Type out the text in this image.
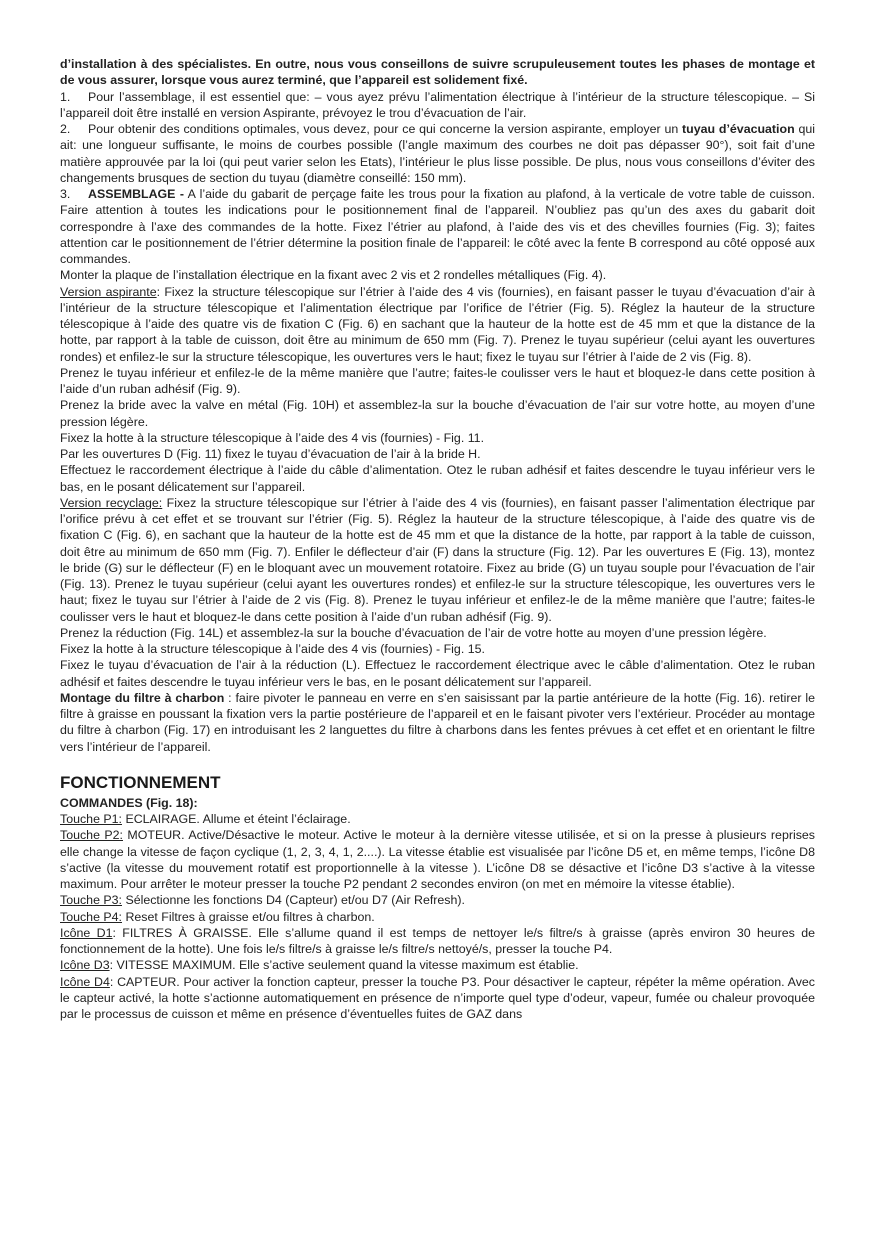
d’installation à des spécialistes. En outre, nous vous conseillons de suivre scrupuleusement toutes les phases de montage et de vous assurer, lorsque vous aurez terminé, que l’appareil est solidement fixé.

1. Pour l’assemblage, il est essentiel que: – vous ayez prévu l’alimentation électrique à l’intérieur de la structure télescopique. – Si l’appareil doit être installé en version Aspirante, prévoyez le trou d’évacuation de l’air.

2. Pour obtenir des conditions optimales, vous devez, pour ce qui concerne la version aspirante, employer un tuyau d’évacuation qui ait: une longueur suffisante, le moins de courbes possible (l’angle maximum des courbes ne doit pas dépasser 90°), soit fait d’une matière approuvée par la loi (qui peut varier selon les Etats), l’intérieur le plus lisse possible. De plus, nous vous conseillons d’éviter des changements brusques de section du tuyau (diamètre conseillé: 150 mm).

3. ASSEMBLAGE - A l’aide du gabarit de perçage faite les trous pour la fixation au plafond, à la verticale de votre table de cuisson. Faire attention à toutes les indications pour le positionnement final de l’appareil. N’oubliez pas qu’un des axes du gabarit doit correspondre à l’axe des commandes de la hotte. Fixez l’étrier au plafond, à l’aide des vis et des chevilles fournies (Fig. 3); faites attention car le positionnement de l’étrier détermine la position finale de l’appareil: le côté avec la fente B correspond au côté opposé aux commandes.

Monter la plaque de l’installation électrique en la fixant avec 2 vis et 2 rondelles métalliques (Fig. 4).

Version aspirante: Fixez la structure télescopique sur l’étrier à l’aide des 4 vis (fournies), en faisant passer le tuyau d’évacuation d’air à l’intérieur de la structure télescopique et l’alimentation électrique par l’orifice de l’étrier (Fig. 5). Réglez la hauteur de la structure télescopique à l’aide des quatre vis de fixation C (Fig. 6) en sachant que la hauteur de la hotte est de 45 mm et que la distance de la hotte, par rapport à la table de cuisson, doit être au minimum de 650 mm (Fig. 7). Prenez le tuyau supérieur (celui ayant les ouvertures rondes) et enfilez-le sur la structure télescopique, les ouvertures vers le haut; fixez le tuyau sur l’étrier à l’aide de 2 vis (Fig. 8).

Prenez le tuyau inférieur et enfilez-le de la même manière que l’autre; faites-le coulisser vers le haut et bloquez-le dans cette position à l’aide d’un ruban adhésif (Fig. 9).

Prenez la bride avec la valve en métal (Fig. 10H) et assemblez-la sur la bouche d’évacuation de l’air sur votre hotte, au moyen d’une pression légère.

Fixez la hotte à la structure télescopique à l’aide des 4 vis (fournies) - Fig. 11.

Par les ouvertures D (Fig. 11) fixez le tuyau d’évacuation de l’air à la bride H.

Effectuez le raccordement électrique à l’aide du câble d’alimentation. Otez le ruban adhésif et faites descendre le tuyau inférieur vers le bas, en le posant délicatement sur l’appareil.

Version recyclage: Fixez la structure télescopique sur l’étrier à l’aide des 4 vis (fournies), en faisant passer l’alimentation électrique par l’orifice prévu à cet effet et se trouvant sur l’étrier (Fig. 5). Réglez la hauteur de la structure télescopique, à l’aide des quatre vis de fixation C (Fig. 6), en sachant que la hauteur de la hotte est de 45 mm et que la distance de la hotte, par rapport à la table de cuisson, doit être au minimum de 650 mm (Fig. 7). Enfiler le déflecteur d’air (F) dans la structure (Fig. 12). Par les ouvertures E (Fig. 13), montez le bride (G) sur le déflecteur (F) en le bloquant avec un mouvement rotatoire. Fixez au bride (G) un tuyau souple pour l’évacuation de l’air (Fig. 13). Prenez le tuyau supérieur (celui ayant les ouvertures rondes) et enfilez-le sur la structure télescopique, les ouvertures vers le haut; fixez le tuyau sur l’étrier à l’aide de 2 vis (Fig. 8). Prenez le tuyau inférieur et enfilez-le de la même manière que l’autre; faites-le coulisser vers le haut et bloquez-le dans cette position à l’aide d’un ruban adhésif (Fig. 9).

Prenez la réduction (Fig. 14L) et assemblez-la sur la bouche d’évacuation de l’air de votre hotte au moyen d’une pression légère.

Fixez la hotte à la structure télescopique à l’aide des 4 vis (fournies) - Fig. 15.

Fixez le tuyau d’évacuation de l’air à la réduction (L). Effectuez le raccordement électrique avec le câble d’alimentation. Otez le ruban adhésif et faites descendre le tuyau inférieur vers le bas, en le posant délicatement sur l’appareil.

Montage du filtre à charbon : faire pivoter le panneau en verre en s’en saisissant par la partie antérieure de la hotte (Fig. 16). retirer le filtre à graisse en poussant la fixation vers la partie postérieure de l’appareil et en le faisant pivoter vers l’extérieur. Procéder au montage du filtre à charbon (Fig. 17) en introduisant les 2 languettes du filtre à charbons dans les fentes prévues à cet effet et en orientant le filtre vers l’intérieur de l’appareil.

FONCTIONNEMENT

COMMANDES (Fig. 18):

Touche P1: ECLAIRAGE. Allume et éteint l’éclairage.

Touche P2: MOTEUR. Active/Désactive le moteur. Active le moteur à la dernière vitesse utilisée, et si on la presse à plusieurs reprises elle change la vitesse de façon cyclique (1, 2, 3, 4, 1, 2....). La vitesse établie est visualisée par l’icône D5 et, en même temps, l’icône D8 s’active (la vitesse du mouvement rotatif est proportionnelle à la vitesse ). L’icône D8 se désactive et l’icône D3 s’active à la vitesse maximum. Pour arrêter le moteur presser la touche P2 pendant 2 secondes environ (on met en mémoire la vitesse établie).

Touche P3: Sélectionne les fonctions D4 (Capteur) et/ou D7 (Air Refresh).

Touche P4: Reset Filtres à graisse et/ou filtres à charbon.

Icône D1: FILTRES À GRAISSE. Elle s’allume quand il est temps de nettoyer le/s filtre/s à graisse (après environ 30 heures de fonctionnement de la hotte). Une fois le/s filtre/s à graisse le/s filtre/s nettoyé/s, presser la touche P4.

Icône D3: VITESSE MAXIMUM. Elle s’active seulement quand la vitesse maximum est établie.

Icône D4: CAPTEUR. Pour activer la fonction capteur, presser la touche P3. Pour désactiver le capteur, répéter la même opération. Avec le capteur activé, la hotte s’actionne automatiquement en présence de n’importe quel type d’odeur, vapeur, fumée ou chaleur provoquée par le processus de cuisson et même en présence d’éventuelles fuites de GAZ dans
